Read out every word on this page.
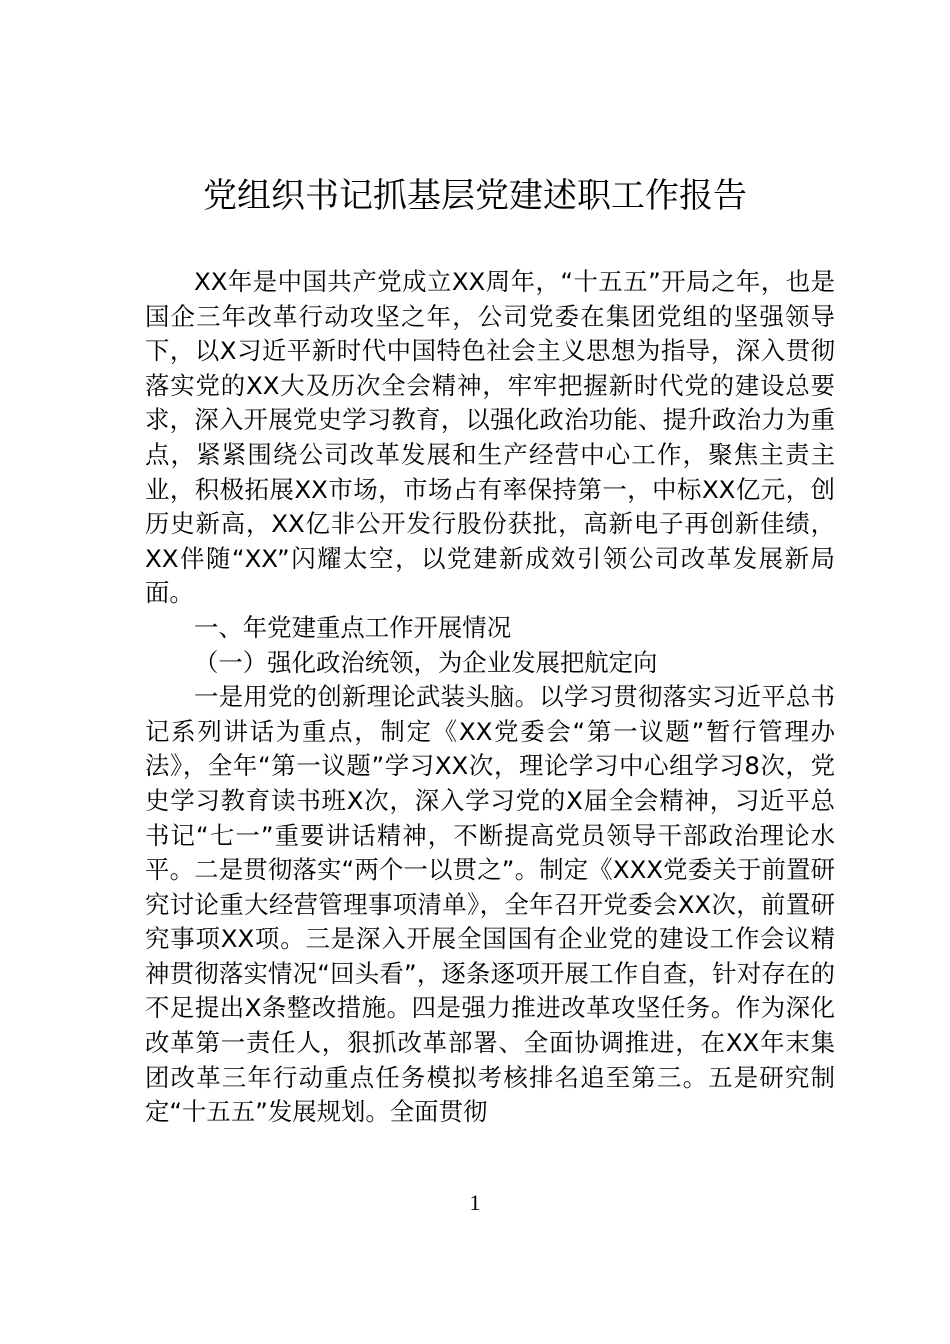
党组织书记抓基层党建述职工作报告

XX年是中国共产党成立XX周年，“十五五”开局之年，也是国企三年改革行动攻坚之年，公司党委在集团党组的坚强领导下，以X习近平新时代中国特色社会主义思想为指导，深入贯彻落实党的XX大及历次全会精神，牢牢把握新时代党的建设总要求，深入开展党史学习教育，以强化政治功能、提升政治力为重点，紧紧围绕公司改革发展和生产经营中心工作，聚焦主责主业，积极拓展XX市场，市场占有率保持第一，中标XX亿元，创历史新高，XX亿非公开发行股份获批，高新电子再创新佳绩，XX伴随“XX”闪耀太空，以党建新成效引领公司改革发展新局面。

一、年党建重点工作开展情况

（一）强化政治统领，为企业发展把航定向

一是用党的创新理论武装头脑。以学习贯彻落实习近平总书记系列讲话为重点，制定《XX党委会“第一议题”暂行管理办法》，全年“第一议题”学习XX次，理论学习中心组学习8次，党史学习教育读书班X次，深入学习党的X届全会精神，习近平总书记“七一”重要讲话精神，不断提高党员领导干部政治理论水平。二是贯彻落实“两个一以贯之”。制定《XXX党委关于前置研究讨论重大经营管理事项清单》，全年召开党委会XX次，前置研究事项XX项。三是深入开展全国国有企业党的建设工作会议精神贯彻落实情况“回头看”，逐条逐项开展工作自查，针对存在的不足提出X条整改措施。四是强力推进改革攻坚任务。作为深化改革第一责任人，狠抓改革部署、全面协调推进，在XX年末集团改革三年行动重点任务模拟考核排名追至第三。五是研究制定“十五五”发展规划。全面贯彻

1
